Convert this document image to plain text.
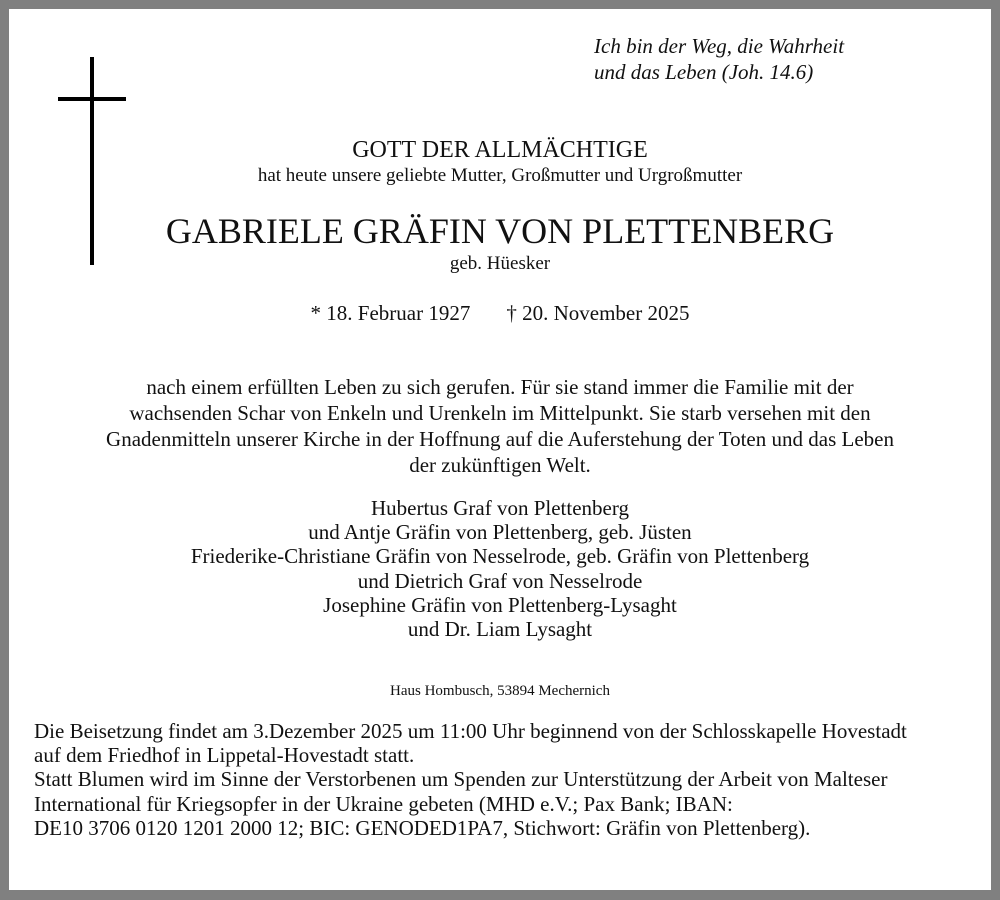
Ich bin der Weg, die Wahrheit
und das Leben (Joh. 14.6)
GOTT DER ALLMÄCHTIGE
hat heute unsere geliebte Mutter, Großmutter und Urgroßmutter
GABRIELE GRÄFIN VON PLETTENBERG
geb. Hüesker
* 18. Februar 1927 † 20. November 2025
nach einem erfüllten Leben zu sich gerufen. Für sie stand immer die Familie mit der
wachsenden Schar von Enkeln und Urenkeln im Mittelpunkt. Sie starb versehen mit den
Gnadenmitteln unserer Kirche in der Hoffnung auf die Auferstehung der Toten und das Leben
der zukünftigen Welt.
Hubertus Graf von Plettenberg
und Antje Gräfin von Plettenberg, geb. Jüsten
Friederike-Christiane Gräfin von Nesselrode, geb. Gräfin von Plettenberg
und Dietrich Graf von Nesselrode
Josephine Gräfin von Plettenberg-Lysaght
und Dr. Liam Lysaght
Haus Hombusch, 53894 Mechernich
Die Beisetzung findet am 3.Dezember 2025 um 11:00 Uhr beginnend von der Schlosskapelle Hovestadt
auf dem Friedhof in Lippetal-Hovestadt statt.
Statt Blumen wird im Sinne der Verstorbenen um Spenden zur Unterstützung der Arbeit von Malteser
International für Kriegsopfer in der Ukraine gebeten (MHD e.V.; Pax Bank; IBAN:
DE10 3706 0120 1201 2000 12; BIC: GENODED1PA7, Stichwort: Gräfin von Plettenberg).
